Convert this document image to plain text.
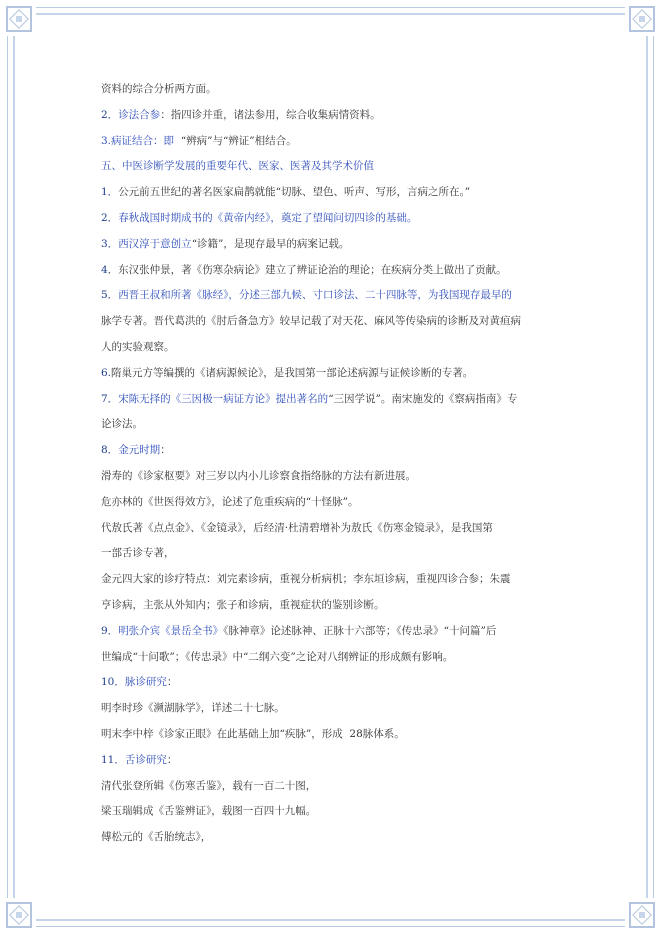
资料的综合分析两方面。
2．诊法合参：指四诊并重，诸法参用，综合收集病情资料。
3.病证结合：即  “辨病”与“辨证”相结合。
五、中医诊断学发展的重要年代、医家、医著及其学术价值
1．公元前五世纪的著名医家扁鹊就能“切脉、望色、听声、写形，言病之所在。”
2．春秋战国时期成书的《黄帝内经》，奠定了望闻问切四诊的基础。
3．西汉淳于意创立“诊籍”，是现存最早的病案记载。
4．东汉张仲景，著《伤寒杂病论》建立了辨证论治的理论；在疾病分类上做出了贡献。
5．西晋王叔和所著《脉经》，分述三部九候、寸口诊法、二十四脉等，为我国现存最早的
脉学专著。晋代葛洪的《肘后备急方》较早记载了对天花、麻风等传染病的诊断及对黄疸病
人的实验观察。
6.隋巢元方等编撰的《诸病源候论》，是我国第一部论述病源与证候诊断的专著。
7．宋陈无择的《三因极一病证方论》提出著名的“三因学说”。南宋施发的《察病指南》专
论诊法。
8．金元时期：
滑寿的《诊家枢要》对三岁以内小儿诊察食指络脉的方法有新进展。
危亦林的《世医得效方》，论述了危重疾病的“十怪脉”。
代敖氏著《点点金》、《金镜录》，后经清·杜清碧增补为敖氏《伤寒金镜录》，是我国第
一部舌诊专著，
金元四大家的诊疗特点：刘完素诊病，重视分析病机；李东垣诊病，重视四诊合参；朱震
亨诊病，主张从外知内；张子和诊病，重视症状的鉴别诊断。
9．明张介宾《景岳全书》《脉神章》论述脉神、正脉十六部等；《传忠录》“十问篇”后
世编成“十问歌”；《传忠录》中“二纲六变”之论对八纲辨证的形成颇有影响。
10．脉诊研究：
明李时珍《濒湖脉学》，详述二十七脉。
明末李中梓《诊家正眼》在此基础上加“疾脉”，形成  28脉体系。
11．舌诊研究：
清代张登所辑《伤寒舌鉴》，载有一百二十图，
梁玉瑞辑成《舌鉴辨证》，载图一百四十九幅。
傅松元的《舌胎统志》，
